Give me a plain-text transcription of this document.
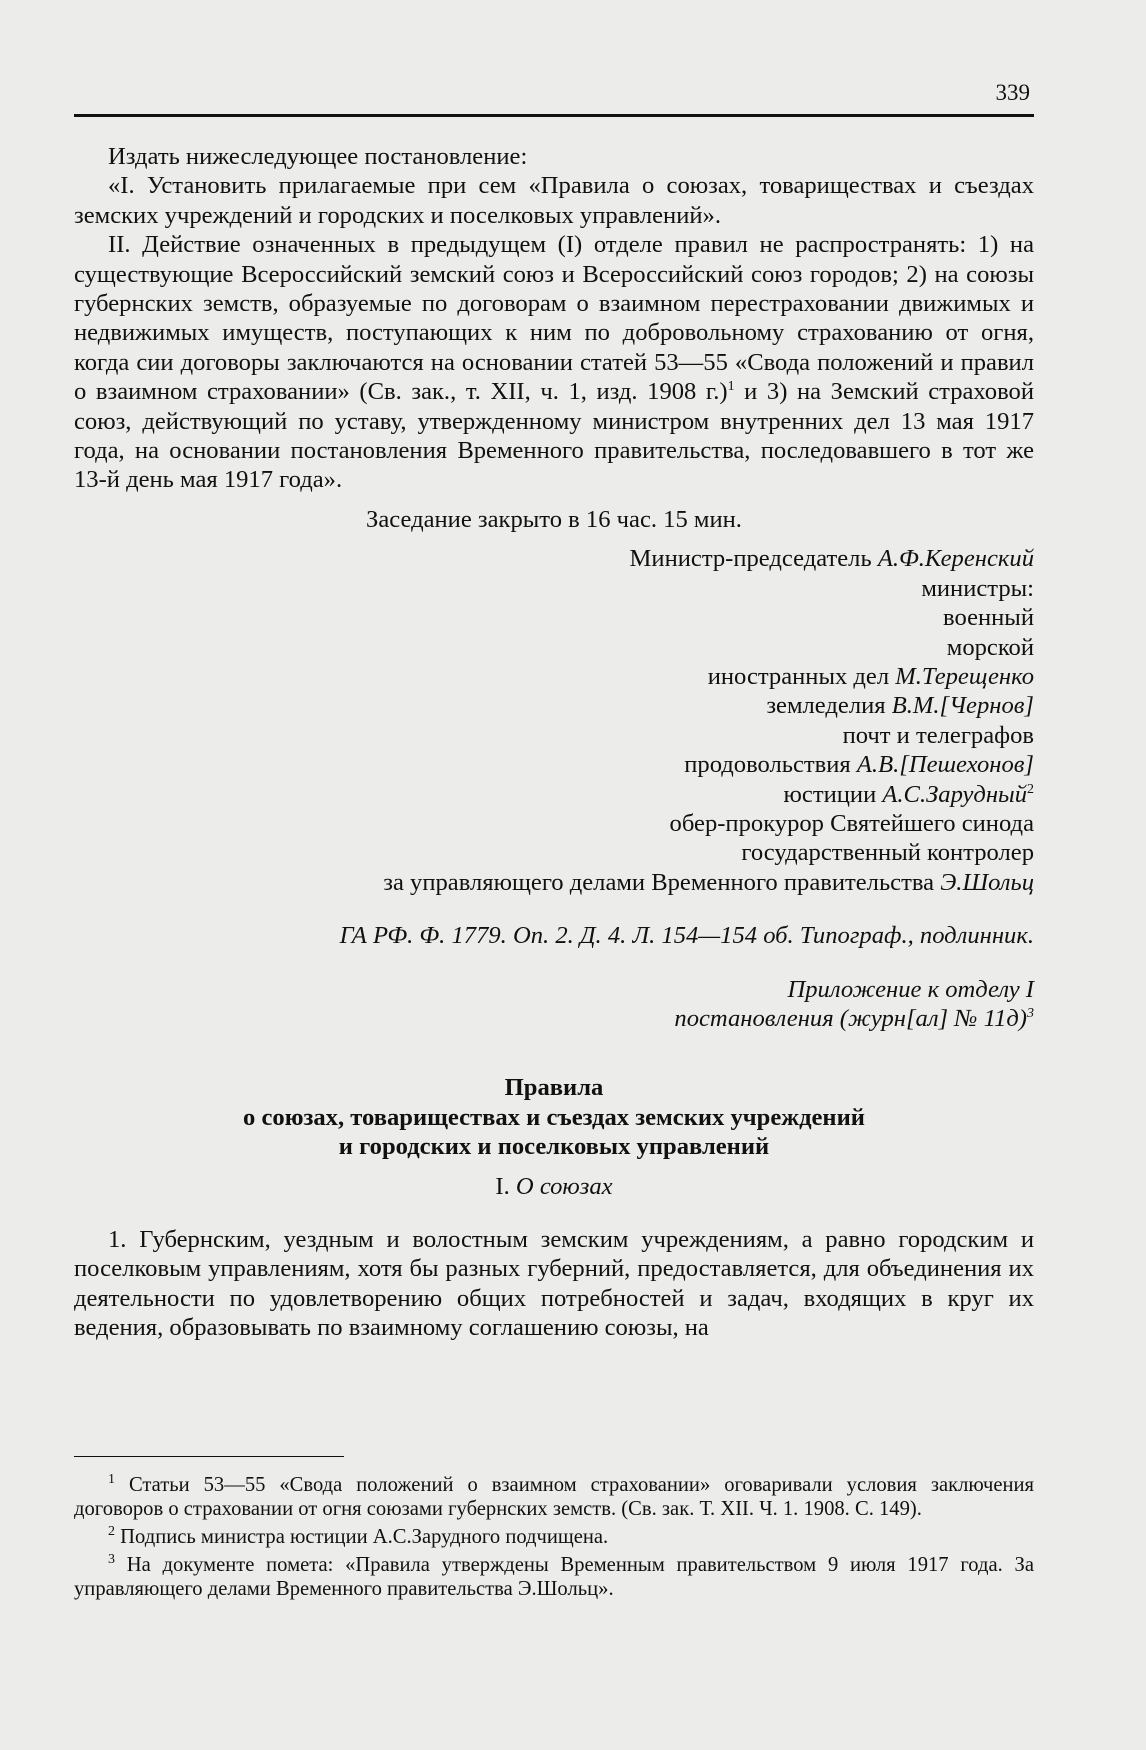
339

Издать нижеследующее постановление:

«I. Установить прилагаемые при сем «Правила о союзах, товариществах и съездах земских учреждений и городских и поселковых управлений».

II. Действие означенных в предыдущем (I) отделе правил не распространять: 1) на существующие Всероссийский земский союз и Всероссийский союз городов; 2) на союзы губернских земств, образуемые по договорам о взаимном перестраховании движимых и недвижимых имуществ, поступающих к ним по добровольному страхованию от огня, когда сии договоры заключаются на основании статей 53—55 «Свода положений и правил о взаимном страховании» (Св. зак., т. XII, ч. 1, изд. 1908 г.)$^1$ и 3) на Земский страховой союз, действующий по уставу, утвержденному министром внутренних дел 13 мая 1917 года, на основании постановления Временного правительства, последовавшего в тот же 13-й день мая 1917 года».

Заседание закрыто в 16 час. 15 мин.

Министр-председатель А.Ф.Керенский

министры:

военный

морской

иностранных дел М.Терещенко

земледелия В.М.[Чернов]

почт и телеграфов

продовольствия А.В.[Пешехонов]

юстиции А.С.Зарудный$^2$

обер-прокурор Святейшего синода

государственный контролер

за управляющего делами Временного правительства Э.Шольц

ГА РФ. Ф. 1779. Оп. 2. Д. 4. Л. 154—154 об. Типограф., подлинник.

Приложение к отделу I

постановления (журн[ал] № 11д)$^3$

Правила

о союзах, товариществах и съездах земских учреждений

и городских и поселковых управлений

I. О союзах

1. Губернским, уездным и волостным земским учреждениям, а равно городским и поселковым управлениям, хотя бы разных губерний, предоставляется, для объединения их деятельности по удовлетворению общих потребностей и задач, входящих в круг их ведения, образовывать по взаимному соглашению союзы, на

$^1$ Статьи 53—55 «Свода положений о взаимном страховании» оговаривали условия заключения договоров о страховании от огня союзами губернских земств. (Св. зак. Т. XII. Ч. 1. 1908. С. 149).

$^2$ Подпись министра юстиции А.С.Зарудного подчищена.

$^3$ На документе помета: «Правила утверждены Временным правительством 9 июля 1917 года. За управляющего делами Временного правительства Э.Шольц».
